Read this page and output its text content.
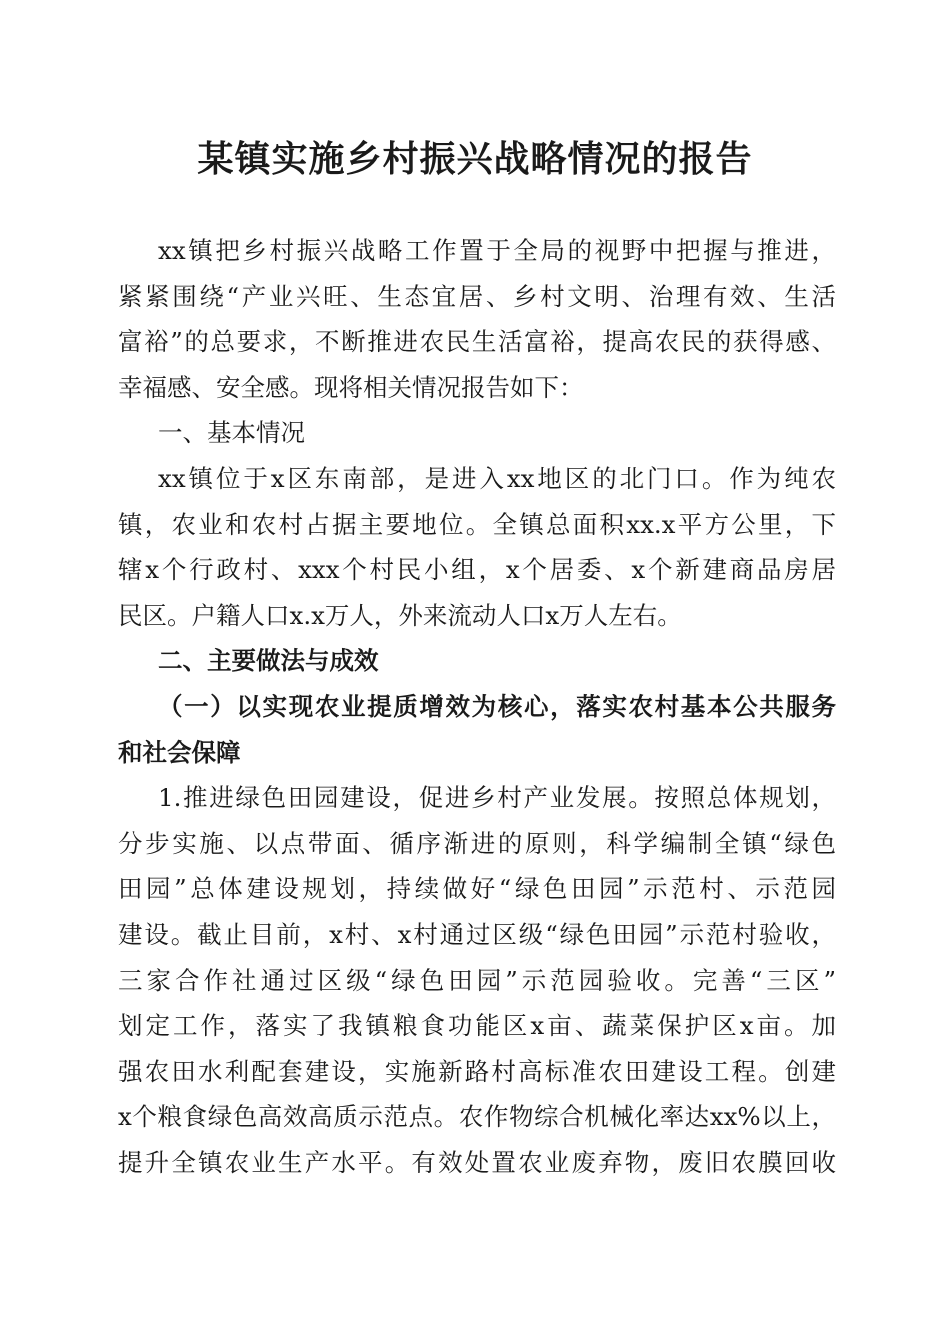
某镇实施乡村振兴战略情况的报告
xx镇把乡村振兴战略工作置于全局的视野中把握与推进，
紧紧围绕“产业兴旺、生态宜居、乡村文明、治理有效、生活
富裕”的总要求，不断推进农民生活富裕，提高农民的获得感、
幸福感、安全感。现将相关情况报告如下：
一、基本情况
xx镇位于x区东南部，是进入xx地区的北门口。作为纯农
镇，农业和农村占据主要地位。全镇总面积xx.x平方公里，下
辖x个行政村、xxx个村民小组，x个居委、x个新建商品房居
民区。户籍人口x.x万人，外来流动人口x万人左右。
二、主要做法与成效
（一）以实现农业提质增效为核心，落实农村基本公共服务
和社会保障
1.推进绿色田园建设，促进乡村产业发展。按照总体规划，
分步实施、以点带面、循序渐进的原则，科学编制全镇“绿色
田园”总体建设规划，持续做好“绿色田园”示范村、示范园
建设。截止目前，x村、x村通过区级“绿色田园”示范村验收，
三家合作社通过区级“绿色田园”示范园验收。完善“三区”
划定工作，落实了我镇粮食功能区x亩、蔬菜保护区x亩。加
强农田水利配套建设，实施新路村高标准农田建设工程。创建
x个粮食绿色高效高质示范点。农作物综合机械化率达xx%以上，
提升全镇农业生产水平。有效处置农业废弃物，废旧农膜回收
